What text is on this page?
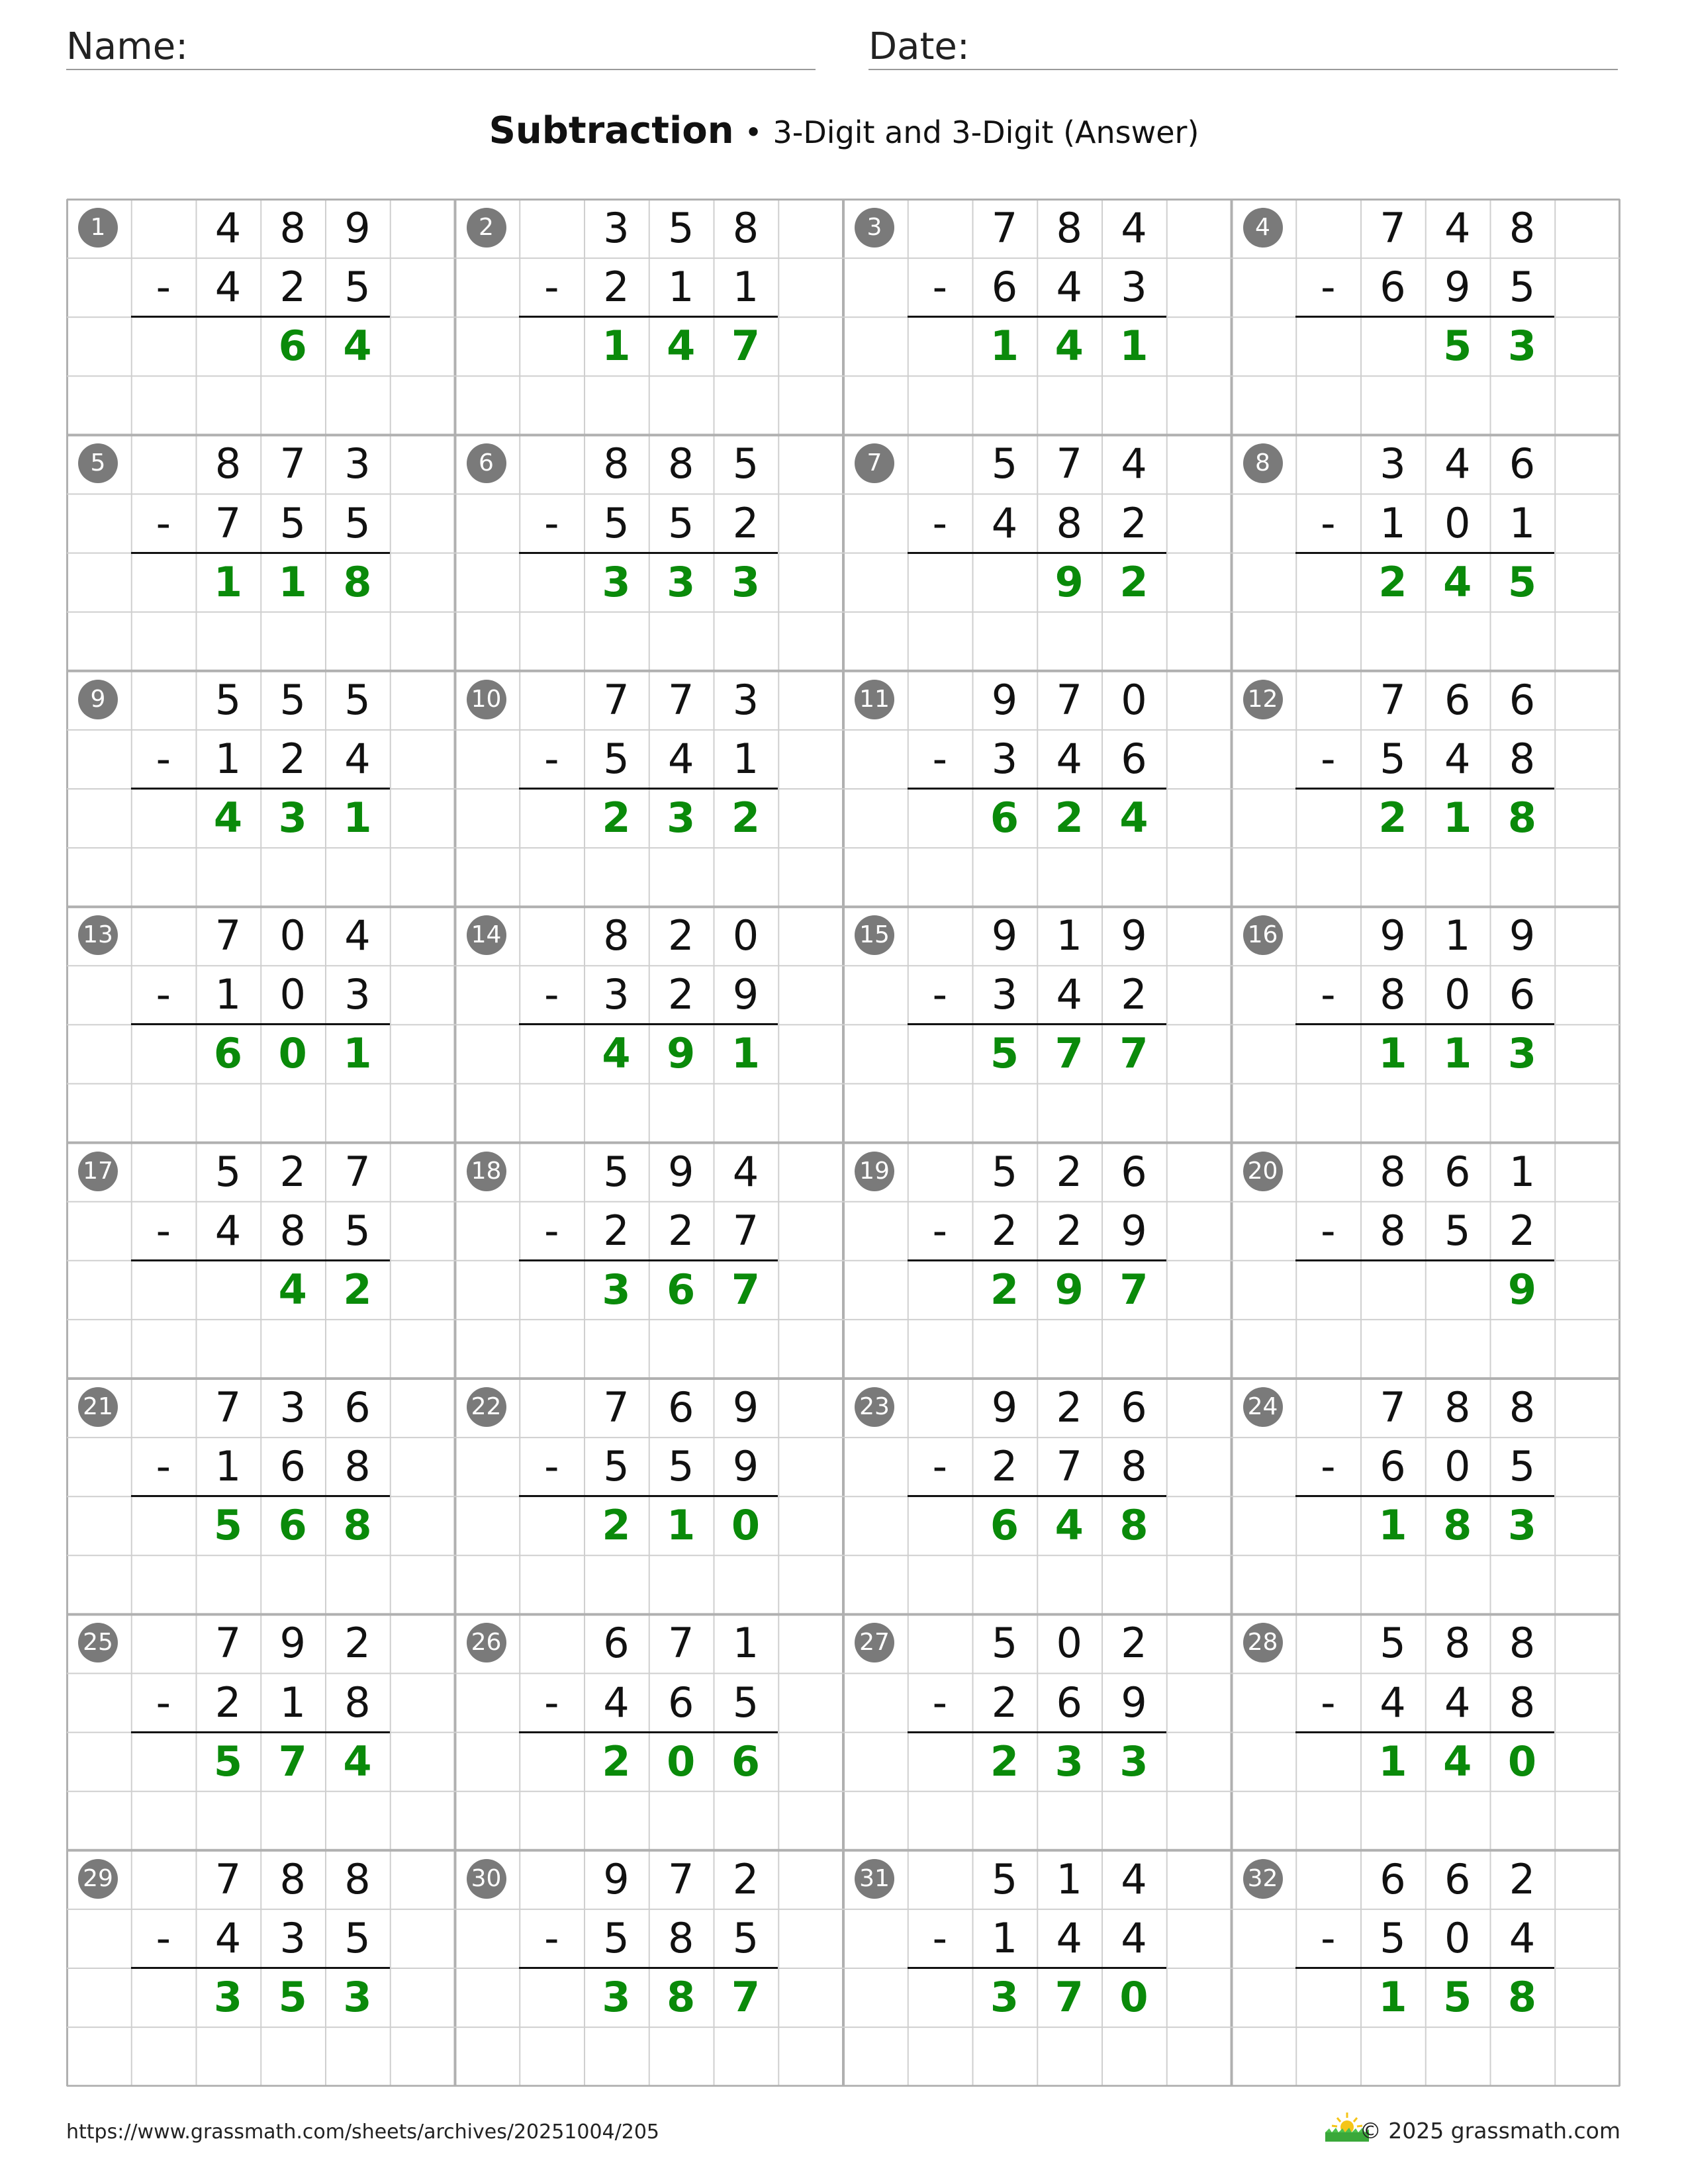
Name:	Date:
Subtraction • 3-Digit and 3-Digit (Answer)
1	4 8 9
-	4 2 5
6 4
2	3 5 8
-	2 1 1
1 4 7
3	7 8 4
-	6 4 3
1 4 1
4	7 4 8
-	6 9 5
5 3
5	8 7 3
-	7 5 5
1 1 8
6	8 8 5
-	5 5 2
3 3 3
7	5 7 4
-	4 8 2
9 2
8	3 4 6
-	1 0 1
2 4 5
9	5 5 5
-	1 2 4
4 3 1
10	7 7 3
-	5 4 1
2 3 2
11	9 7 0
-	3 4 6
6 2 4
12	7 6 6
-	5 4 8
2 1 8
13	7 0 4
-	1 0 3
6 0 1
14	8 2 0
-	3 2 9
4 9 1
15	9 1 9
-	3 4 2
5 7 7
16	9 1 9
-	8 0 6
1 1 3
17	5 2 7
-	4 8 5
4 2
18	5 9 4
-	2 2 7
3 6 7
19	5 2 6
-	2 2 9
2 9 7
20	8 6 1
-	8 5 2
9
21	7 3 6
-	1 6 8
5 6 8
22	7 6 9
-	5 5 9
2 1 0
23	9 2 6
-	2 7 8
6 4 8
24	7 8 8
-	6 0 5
1 8 3
25	7 9 2
-	2 1 8
5 7 4
26	6 7 1
-	4 6 5
2 0 6
27	5 0 2
-	2 6 9
2 3 3
28	5 8 8
-	4 4 8
1 4 0
29	7 8 8
-	4 3 5
3 5 3
30	9 7 2
-	5 8 5
3 8 7
31	5 1 4
-	1 4 4
3 7 0
32	6 6 2
-	5 0 4
1 5 8
https://www.grassmath.com/sheets/archives/20251004/205	© 2025 grassmath.com
